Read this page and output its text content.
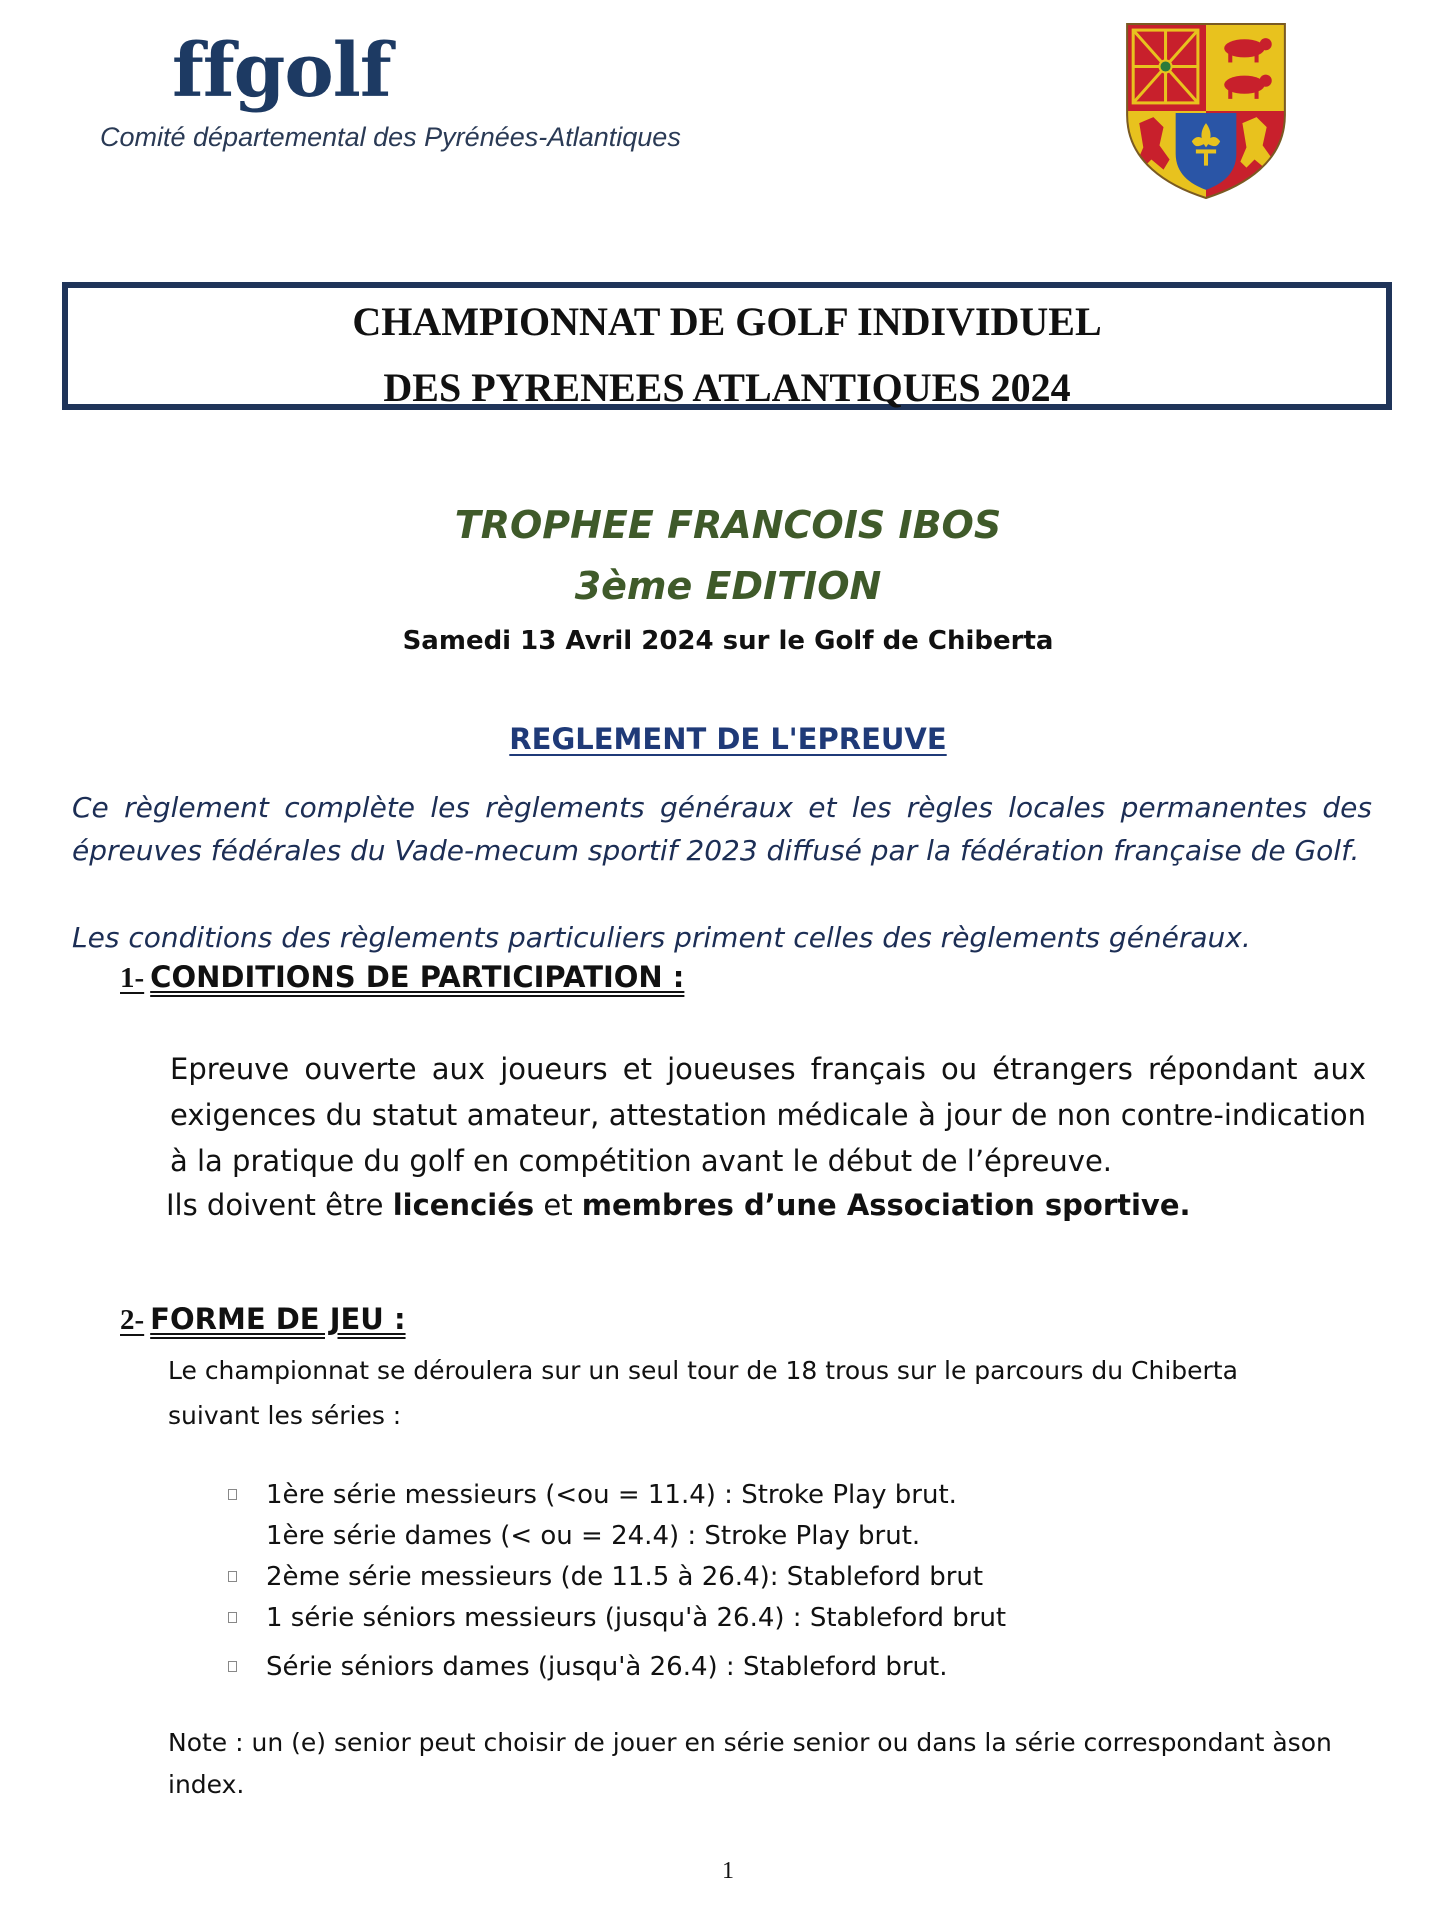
ffgolf
Comité départemental des Pyrénées-Atlantiques
CHAMPIONNAT DE GOLF INDIVIDUEL
DES PYRENEES ATLANTIQUES 2024
TROPHEE FRANCOIS IBOS
3ème EDITION
Samedi 13 Avril 2024 sur le Golf de Chiberta
REGLEMENT DE L'EPREUVE
Ce règlement complète les règlements généraux et les règles locales permanentes des épreuves fédérales du Vade-mecum sportif 2023 diffusé par la fédération française de Golf.
Les conditions des règlements particuliers priment celles des règlements généraux.
1- CONDITIONS DE PARTICIPATION :
Epreuve ouverte aux joueurs et joueuses français ou étrangers répondant aux exigences du statut amateur, attestation médicale à jour de non contre-indication à la pratique du golf en compétition avant le début de l’épreuve.
Ils doivent être licenciés et membres d’une Association sportive.
2- FORME DE JEU :
Le championnat se déroulera sur un seul tour de 18 trous sur le parcours du Chiberta
suivant les séries :
1ère série messieurs (<ou = 11.4) : Stroke Play brut.
1ère série dames (< ou = 24.4) : Stroke Play brut.
2ème série messieurs (de 11.5 à 26.4): Stableford brut
1 série séniors messieurs (jusqu'à 26.4) : Stableford brut
Série séniors dames (jusqu'à 26.4) : Stableford brut.
Note : un (e) senior peut choisir de jouer en série senior ou dans la série correspondant àson index.
1
